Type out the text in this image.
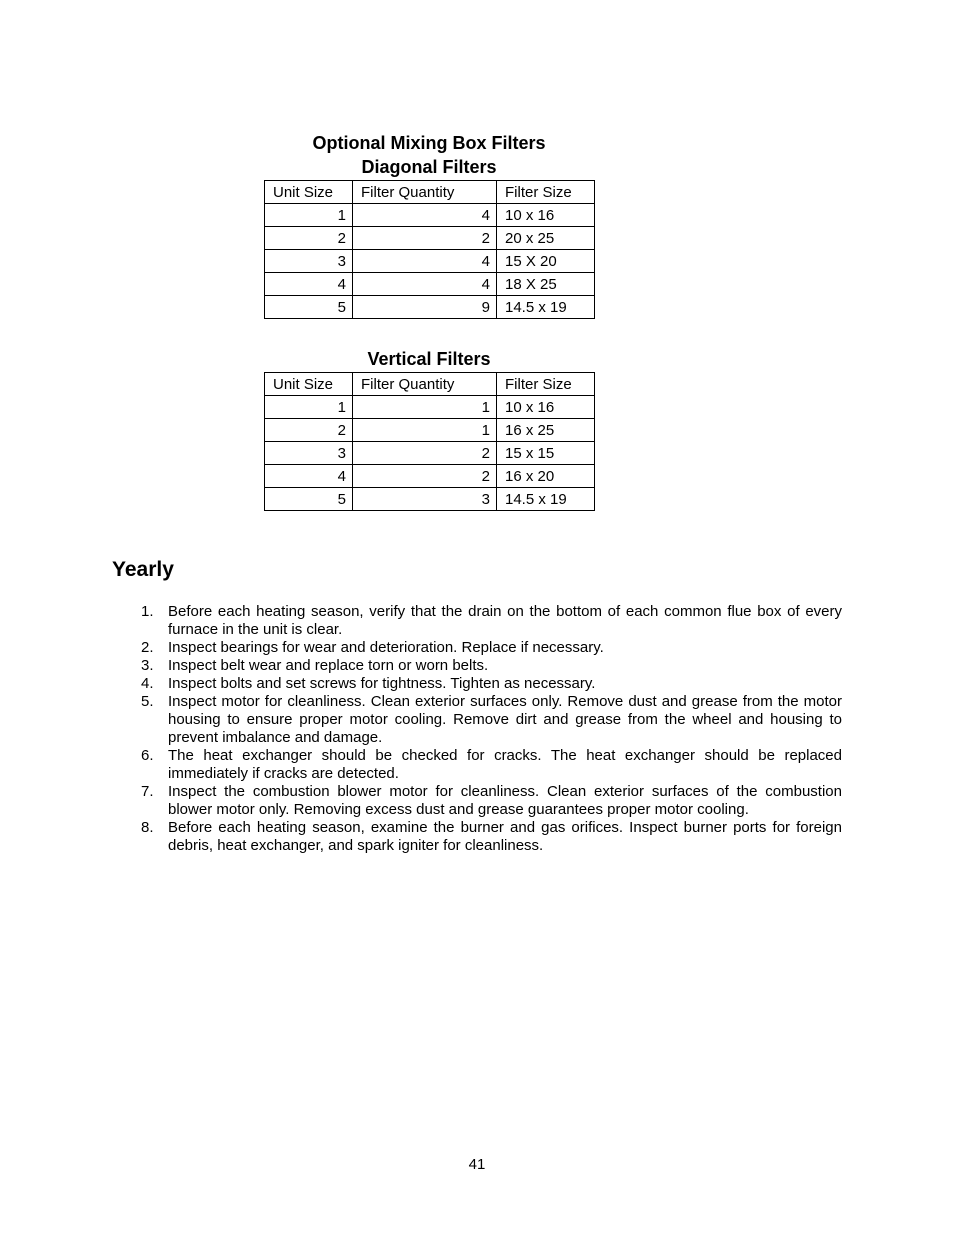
Optional Mixing Box Filters
Diagonal Filters
Unit Size	Filter Quantity	Filter Size
1	4	10 x 16
2	2	20 x 25
3	4	15 X 20
4	4	18 X 25
5	9	14.5 x 19
Vertical Filters
Unit Size	Filter Quantity	Filter Size
1	1	10 x 16
2	1	16 x 25
3	2	15 x 15
4	2	16 x 20
5	3	14.5 x 19
Yearly
1. Before each heating season, verify that the drain on the bottom of each common flue box of every furnace in the unit is clear.
2. Inspect bearings for wear and deterioration. Replace if necessary.
3. Inspect belt wear and replace torn or worn belts.
4. Inspect bolts and set screws for tightness. Tighten as necessary.
5. Inspect motor for cleanliness. Clean exterior surfaces only. Remove dust and grease from the motor housing to ensure proper motor cooling. Remove dirt and grease from the wheel and housing to prevent imbalance and damage.
6. The heat exchanger should be checked for cracks. The heat exchanger should be replaced immediately if cracks are detected.
7. Inspect the combustion blower motor for cleanliness. Clean exterior surfaces of the combustion blower motor only. Removing excess dust and grease guarantees proper motor cooling.
8. Before each heating season, examine the burner and gas orifices. Inspect burner ports for foreign debris, heat exchanger, and spark igniter for cleanliness.
41
